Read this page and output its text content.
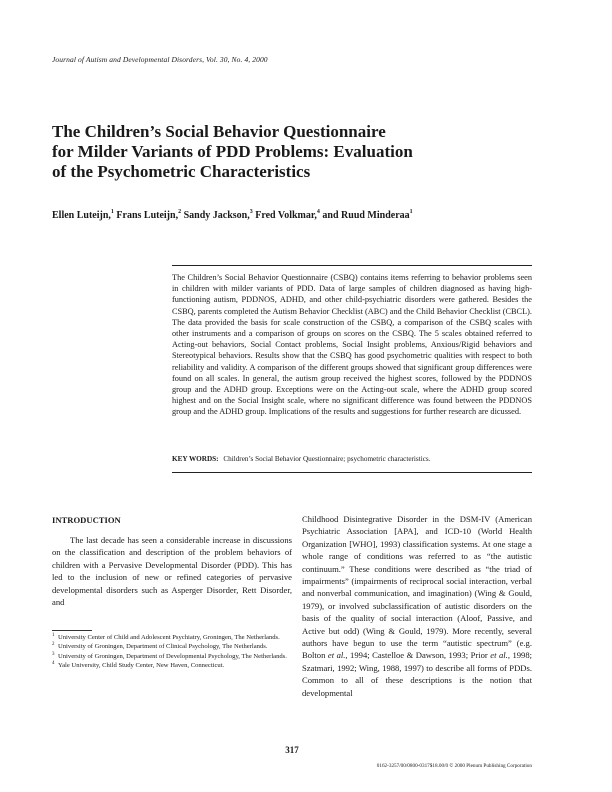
Journal of Autism and Developmental Disorders, Vol. 30, No. 4, 2000
The Children’s Social Behavior Questionnaire
for Milder Variants of PDD Problems: Evaluation
of the Psychometric Characteristics
Ellen Luteijn,$^1$ Frans Luteijn,$^2$ Sandy Jackson,$^3$ Fred Volkmar,$^4$ and Ruud Minderaa$^1$
The Children’s Social Behavior Questionnaire (CSBQ) contains items referring to behavior problems seen in children with milder variants of PDD. Data of large samples of children diagnosed as having high-functioning autism, PDDNOS, ADHD, and other child-psychiatric disorders were gathered. Besides the CSBQ, parents completed the Autism Behavior Checklist (ABC) and the Child Behavior Checklist (CBCL). The data provided the basis for scale construction of the CSBQ, a comparison of the CSBQ scales with other instruments and a comparison of groups on scores on the CSBQ. The 5 scales obtained referred to Acting-out behaviors, Social Contact problems, Social Insight problems, Anxious/Rigid behaviors and Stereotypical behaviors. Results show that the CSBQ has good psychometric qualities with respect to both reliability and validity. A comparison of the different groups showed that significant group differences were found on all scales. In general, the autism group received the highest scores, followed by the PDDNOS group and the ADHD group. Exceptions were on the Acting-out scale, where the ADHD group scored highest and on the Social Insight scale, where no significant difference was found between the PDDNOS group and the ADHD group. Implications of the results and suggestions for further research are dicussed.
KEY WORDS: Children’s Social Behavior Questionnaire; psychometric characteristics.
INTRODUCTION
The last decade has seen a considerable increase in discussions on the classification and description of the problem behaviors of children with a Pervasive Developmental Disorder (PDD). This has led to the inclusion of new or refined categories of pervasive developmental disorders such as Asperger Disorder, Rett Disorder, and
Childhood Disintegrative Disorder in the DSM-IV (American Psychiatric Association [APA], and ICD-10 (World Health Organization [WHO], 1993) classification systems. At one stage a whole range of conditions was referred to as “the autistic continuum.” These conditions were described as “the triad of impairments” (impairments of reciprocal social interaction, verbal and nonverbal communication, and imagination) (Wing & Gould, 1979), or involved subclassification of autistic disorders on the basis of the quality of social interaction (Aloof, Passive, and Active but odd) (Wing & Gould, 1979). More recently, several authors have begun to use the term “autistic spectrum” (e.g. Bolton et al., 1994; Castelloe & Dawson, 1993; Prior et al., 1998; Szatmari, 1992; Wing, 1988, 1997) to describe all forms of PDDs. Common to all of these descriptions is the notion that developmental
1 University Center of Child and Adolescent Psychiatry, Groningen, The Netherlands.
2 University of Groningen, Department of Clinical Psychology, The Netherlands.
3 University of Groningen, Department of Developmental Psychology, The Netherlands.
4 Yale University, Child Study Center, New Haven, Connecticut.
317
0162-3257/00/0800-0317$18.00/0 © 2000 Plenum Publishing Corporation
